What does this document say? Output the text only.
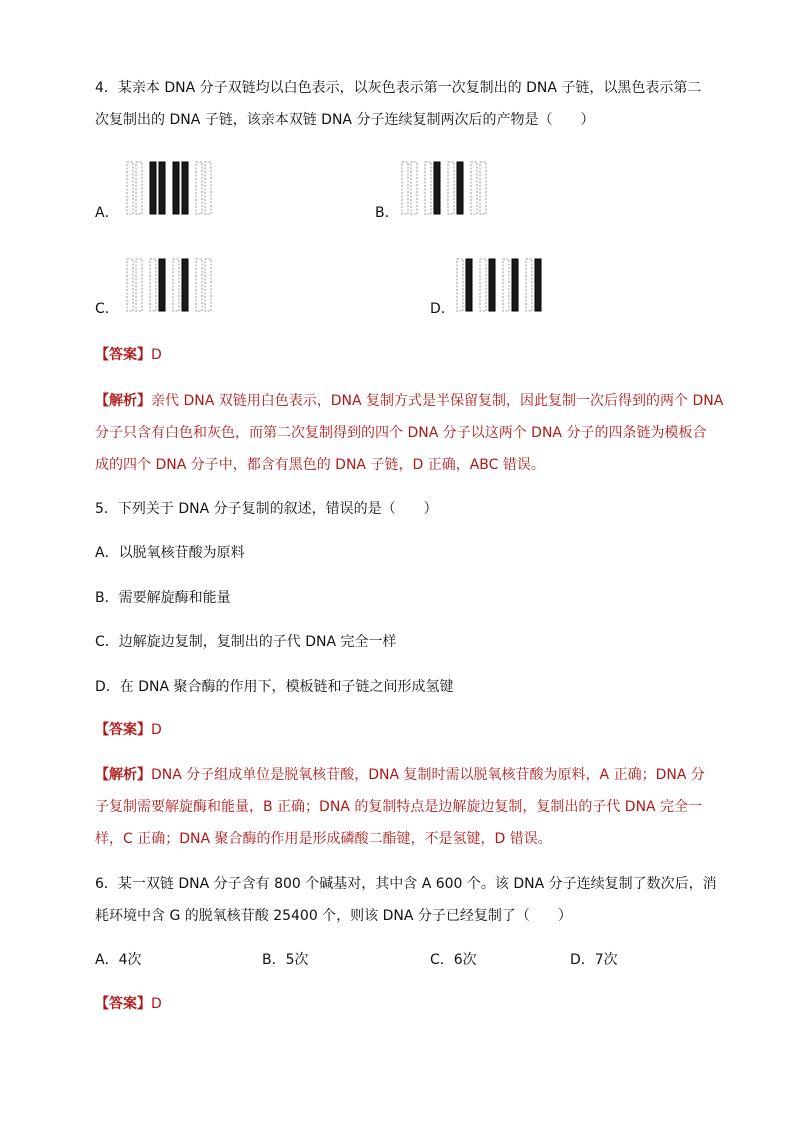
4．某亲本 DNA 分子双链均以白色表示，以灰色表示第一次复制出的 DNA 子链，以黑色表示第二
次复制出的 DNA 子链，该亲本双链 DNA 分子连续复制两次后的产物是（　　）
A．	B．
C．	D．
【答案】D
【解析】亲代 DNA 双链用白色表示，DNA 复制方式是半保留复制，因此复制一次后得到的两个 DNA
分子只含有白色和灰色，而第二次复制得到的四个 DNA 分子以这两个 DNA 分子的四条链为模板合
成的四个 DNA 分子中，都含有黑色的 DNA 子链，D 正确，ABC 错误。
5．下列关于 DNA 分子复制的叙述，错误的是（　　）
A．以脱氧核苷酸为原料
B．需要解旋酶和能量
C．边解旋边复制，复制出的子代 DNA 完全一样
D．在 DNA 聚合酶的作用下，模板链和子链之间形成氢键
【答案】D
【解析】DNA 分子组成单位是脱氧核苷酸，DNA 复制时需以脱氧核苷酸为原料，A 正确；DNA 分
子复制需要解旋酶和能量，B 正确；DNA 的复制特点是边解旋边复制，复制出的子代 DNA 完全一
样，C 正确；DNA 聚合酶的作用是形成磷酸二酯键，不是氢键，D 错误。
6．某一双链 DNA 分子含有 800 个碱基对，其中含 A 600 个。该 DNA 分子连续复制了数次后，消
耗环境中含 G 的脱氧核苷酸 25400 个，则该 DNA 分子已经复制了（　　）
A．4次	B．5次	C．6次	D．7次
【答案】D
